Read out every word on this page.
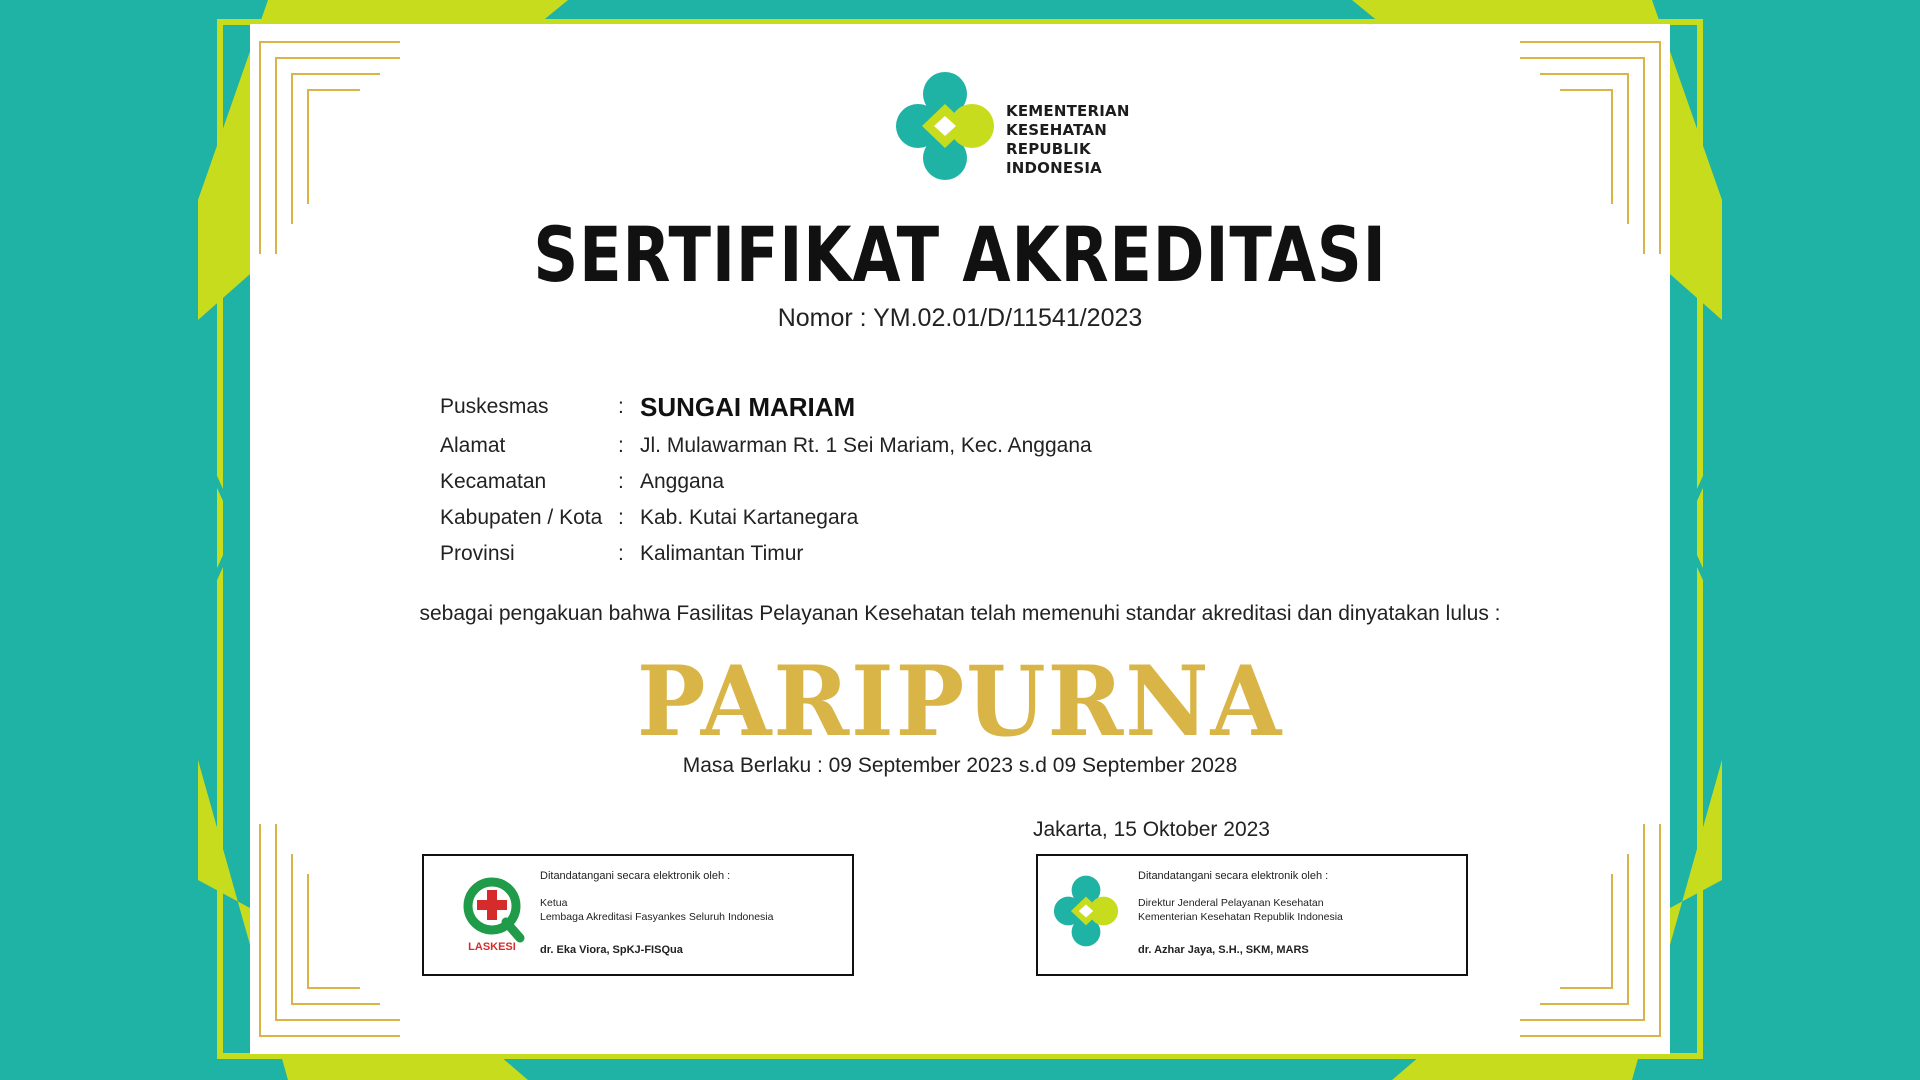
KEMENTERIAN
KESEHATAN
REPUBLIK
INDONESIA
SERTIFIKAT AKREDITASI
Nomor : YM.02.01/D/11541/2023
Puskesmas	: SUNGAI MARIAM
Alamat	: Jl. Mulawarman Rt. 1 Sei Mariam, Kec. Anggana
Kecamatan	: Anggana
Kabupaten / Kota : Kab. Kutai Kartanegara
Provinsi	: Kalimantan Timur
sebagai pengakuan bahwa Fasilitas Pelayanan Kesehatan telah memenuhi standar akreditasi dan dinyatakan lulus :
PARIPURNA
Masa Berlaku : 09 September 2023 s.d 09 September 2028
Jakarta, 15 Oktober 2023
LASKESI
Ditandatangani secara elektronik oleh :
Ketua
Lembaga Akreditasi Fasyankes Seluruh Indonesia
dr. Eka Viora, SpKJ-FISQua
Ditandatangani secara elektronik oleh :
Direktur Jenderal Pelayanan Kesehatan
Kementerian Kesehatan Republik Indonesia
dr. Azhar Jaya, S.H., SKM, MARS
